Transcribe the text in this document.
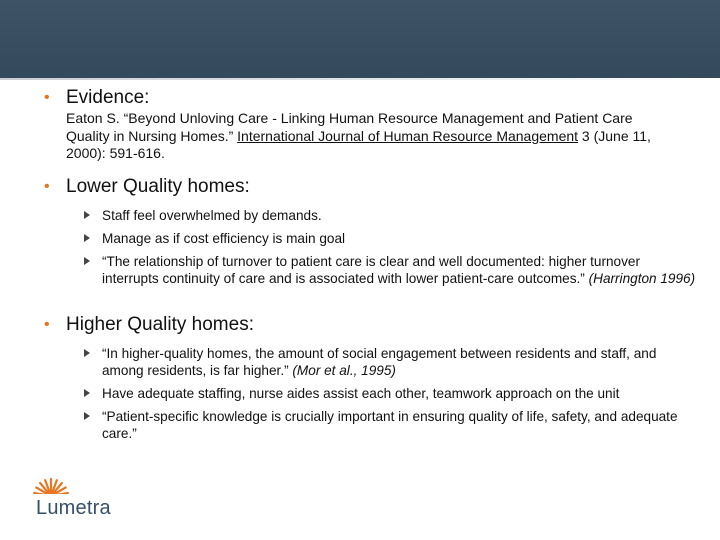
• Evidence:
Eaton S. “Beyond Unloving Care - Linking Human Resource Management and Patient Care Quality in Nursing Homes.” International Journal of Human Resource Management 3 (June 11, 2000): 591-616.
• Lower Quality homes:
Staff feel overwhelmed by demands.
Manage as if cost efficiency is main goal
“The relationship of turnover to patient care is clear and well documented: higher turnover interrupts continuity of care and is associated with lower patient-care outcomes.” (Harrington 1996)
• Higher Quality homes:
“In higher-quality homes, the amount of social engagement between residents and staff, and among residents, is far higher.” (Mor et al., 1995)
Have adequate staffing, nurse aides assist each other, teamwork approach on the unit
“Patient-specific knowledge is crucially important in ensuring quality of life, safety, and adequate care.”
Lumetra
